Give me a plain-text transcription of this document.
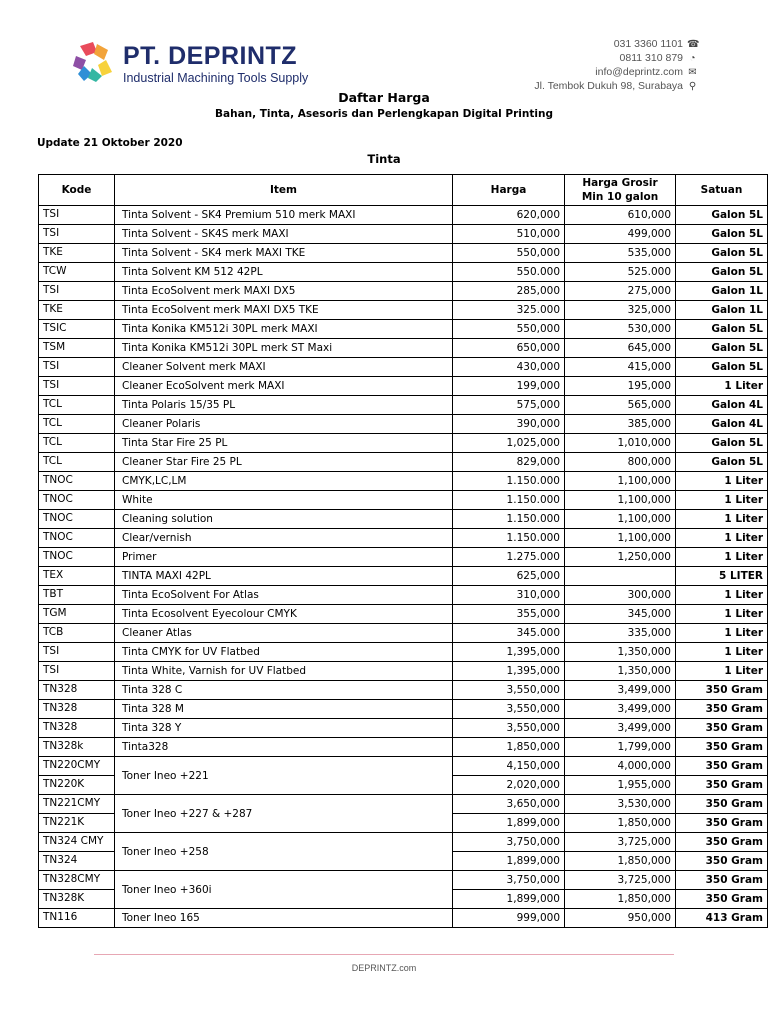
PT. DEPRINTZ
Industrial Machining Tools Supply
031 3360 1101 ☎
0811 310 879 ◔
info@deprintz.com ✉
Jl. Tembok Dukuh 98, Surabaya ⚲
Daftar Harga
Bahan, Tinta, Asesoris dan Perlengkapan Digital Printing
Update 21 Oktober 2020
Tinta
Kode	Item	Harga	Harga Grosir Min 10 galon	Satuan
TSI	Tinta Solvent - SK4 Premium 510 merk MAXI	620,000	610,000	Galon 5L
TSI	Tinta Solvent - SK4S merk MAXI	510,000	499,000	Galon 5L
TKE	Tinta Solvent - SK4 merk MAXI TKE	550,000	535,000	Galon 5L
TCW	Tinta Solvent KM 512 42PL	550.000	525.000	Galon 5L
TSI	Tinta EcoSolvent merk MAXI DX5	285,000	275,000	Galon 1L
TKE	Tinta EcoSolvent merk MAXI DX5 TKE	325.000	325,000	Galon 1L
TSIC	Tinta Konika KM512i 30PL merk MAXI	550,000	530,000	Galon 5L
TSM	Tinta Konika KM512i 30PL merk ST Maxi	650,000	645,000	Galon 5L
TSI	Cleaner Solvent merk MAXI	430,000	415,000	Galon 5L
TSI	Cleaner EcoSolvent merk MAXI	199,000	195,000	1 Liter
TCL	Tinta Polaris 15/35 PL	575,000	565,000	Galon 4L
TCL	Cleaner Polaris	390,000	385,000	Galon 4L
TCL	Tinta Star Fire 25 PL	1,025,000	1,010,000	Galon 5L
TCL	Cleaner Star Fire 25 PL	829,000	800,000	Galon 5L
TNOC	CMYK,LC,LM	1.150.000	1,100,000	1 Liter
TNOC	White	1.150.000	1,100,000	1 Liter
TNOC	Cleaning solution	1.150.000	1,100,000	1 Liter
TNOC	Clear/vernish	1.150.000	1,100,000	1 Liter
TNOC	Primer	1.275.000	1,250,000	1 Liter
TEX	TINTA MAXI 42PL	625,000		5 LITER
TBT	Tinta EcoSolvent For Atlas	310,000	300,000	1 Liter
TGM	Tinta Ecosolvent Eyecolour CMYK	355,000	345,000	1 Liter
TCB	Cleaner Atlas	345.000	335,000	1 Liter
TSI	Tinta CMYK for UV Flatbed	1,395,000	1,350,000	1 Liter
TSI	Tinta White, Varnish for UV Flatbed	1,395,000	1,350,000	1 Liter
TN328	Tinta 328 C	3,550,000	3,499,000	350 Gram
TN328	Tinta 328 M	3,550,000	3,499,000	350 Gram
TN328	Tinta 328 Y	3,550,000	3,499,000	350 Gram
TN328k	Tinta328	1,850,000	1,799,000	350 Gram
TN220CMY	Toner Ineo +221	4,150,000	4,000,000	350 Gram
TN220K		2,020,000	1,955,000	350 Gram
TN221CMY	Toner Ineo +227 & +287	3,650,000	3,530,000	350 Gram
TN221K		1,899,000	1,850,000	350 Gram
TN324 CMY	Toner Ineo +258	3,750,000	3,725,000	350 Gram
TN324		1,899,000	1,850,000	350 Gram
TN328CMY	Toner Ineo +360i	3,750,000	3,725,000	350 Gram
TN328K		1,899,000	1,850,000	350 Gram
TN116	Toner Ineo 165	999,000	950,000	413 Gram
DEPRINTZ.com
